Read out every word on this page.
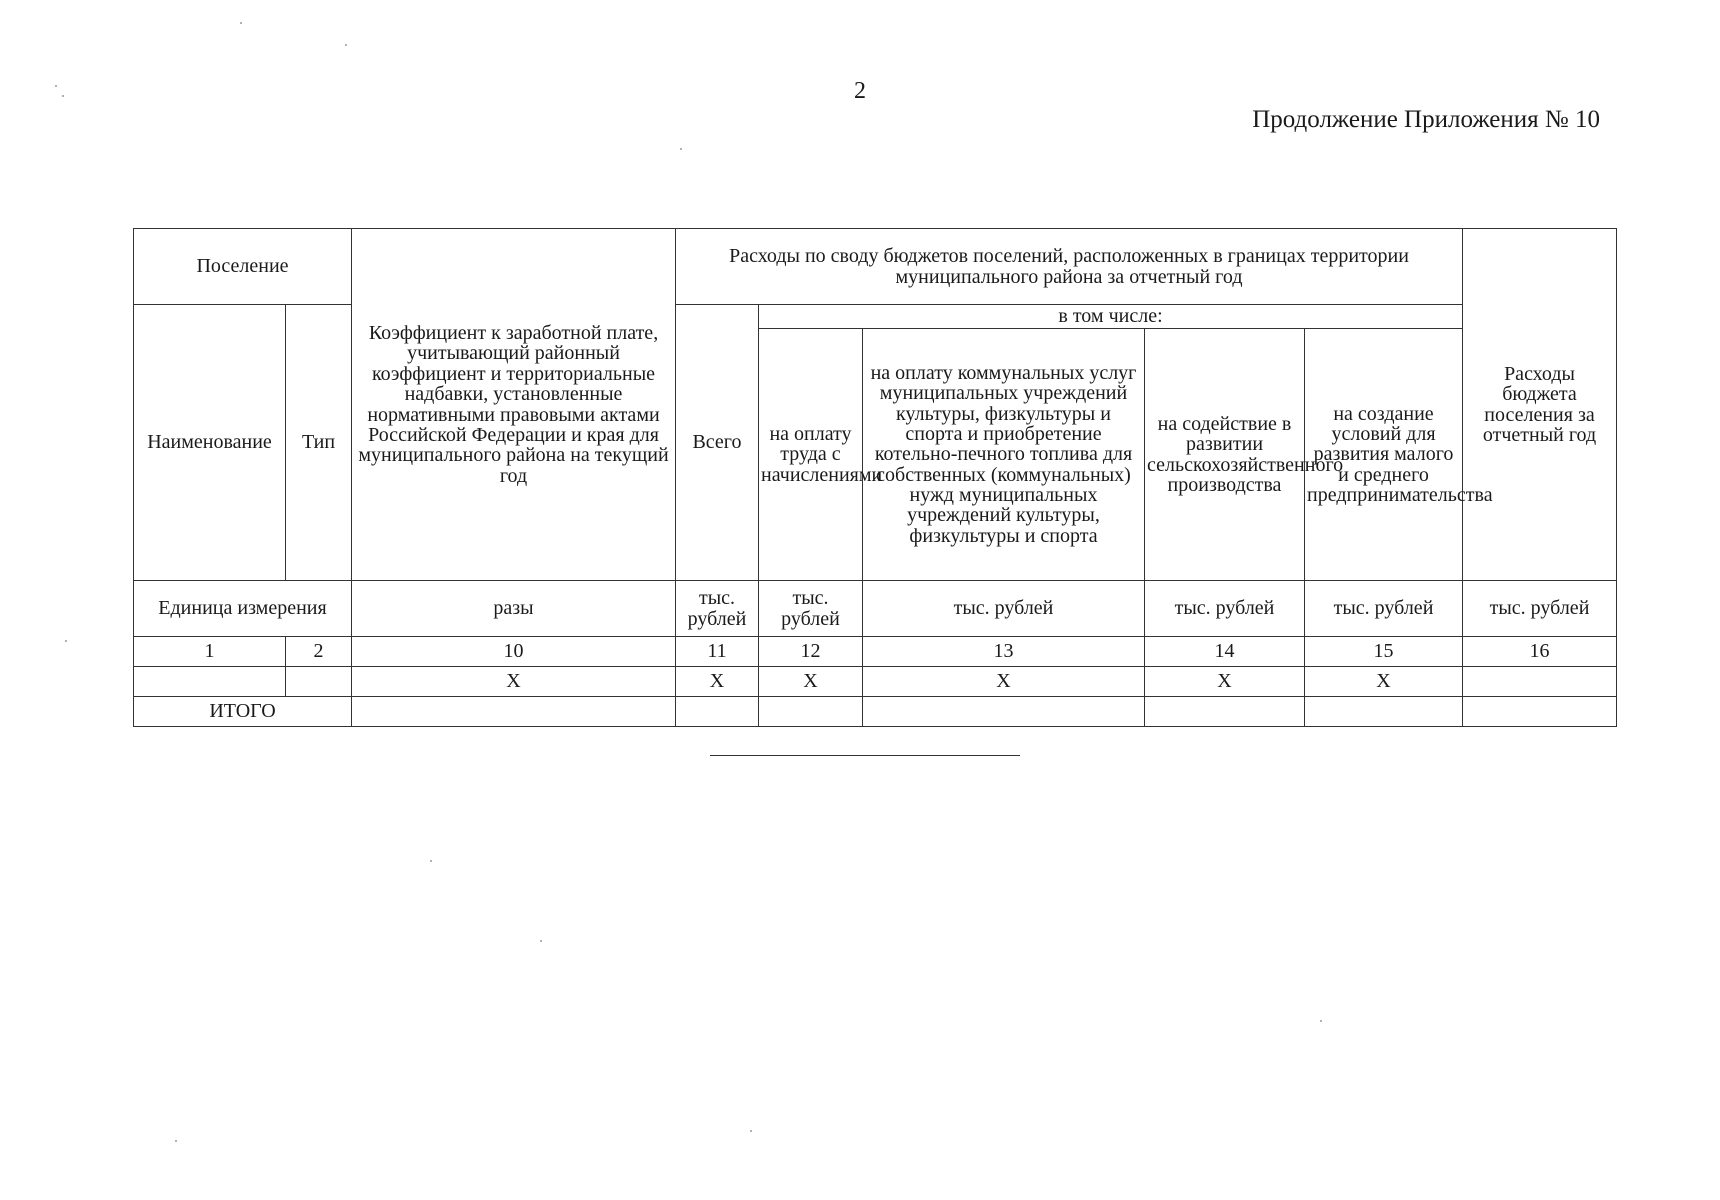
2
Продолжение Приложения № 10
Поселение		Коэффициент к заработной плате, учитывающий районный коэффициент и территориальные надбавки, установленные нормативными правовыми актами Российской Федерации и края для муниципального района на текущий год	Расходы по своду бюджетов поселений, расположенных в границах территории муниципального района за отчетный год					Расходы бюджета поселения за отчетный год
Наименование	Тип		Всего	в том числе:				
				на оплату труда с начислениями	на оплату коммунальных услуг муниципальных учреждений культуры, физкультуры и спорта и приобретение котельно-печного топлива для собственных (коммунальных) нужд муниципальных учреждений культуры, физкультуры и спорта	на содействие в развитии сельскохозяйственного производства	на создание условий для развития малого и среднего предпринимательства	
Единица измерения		разы	тыс. рублей	тыс. рублей	тыс. рублей	тыс. рублей	тыс. рублей	тыс. рублей
1	2	10	11	12	13	14	15	16
		X	X	X	X	X	X	
ИТОГО								
